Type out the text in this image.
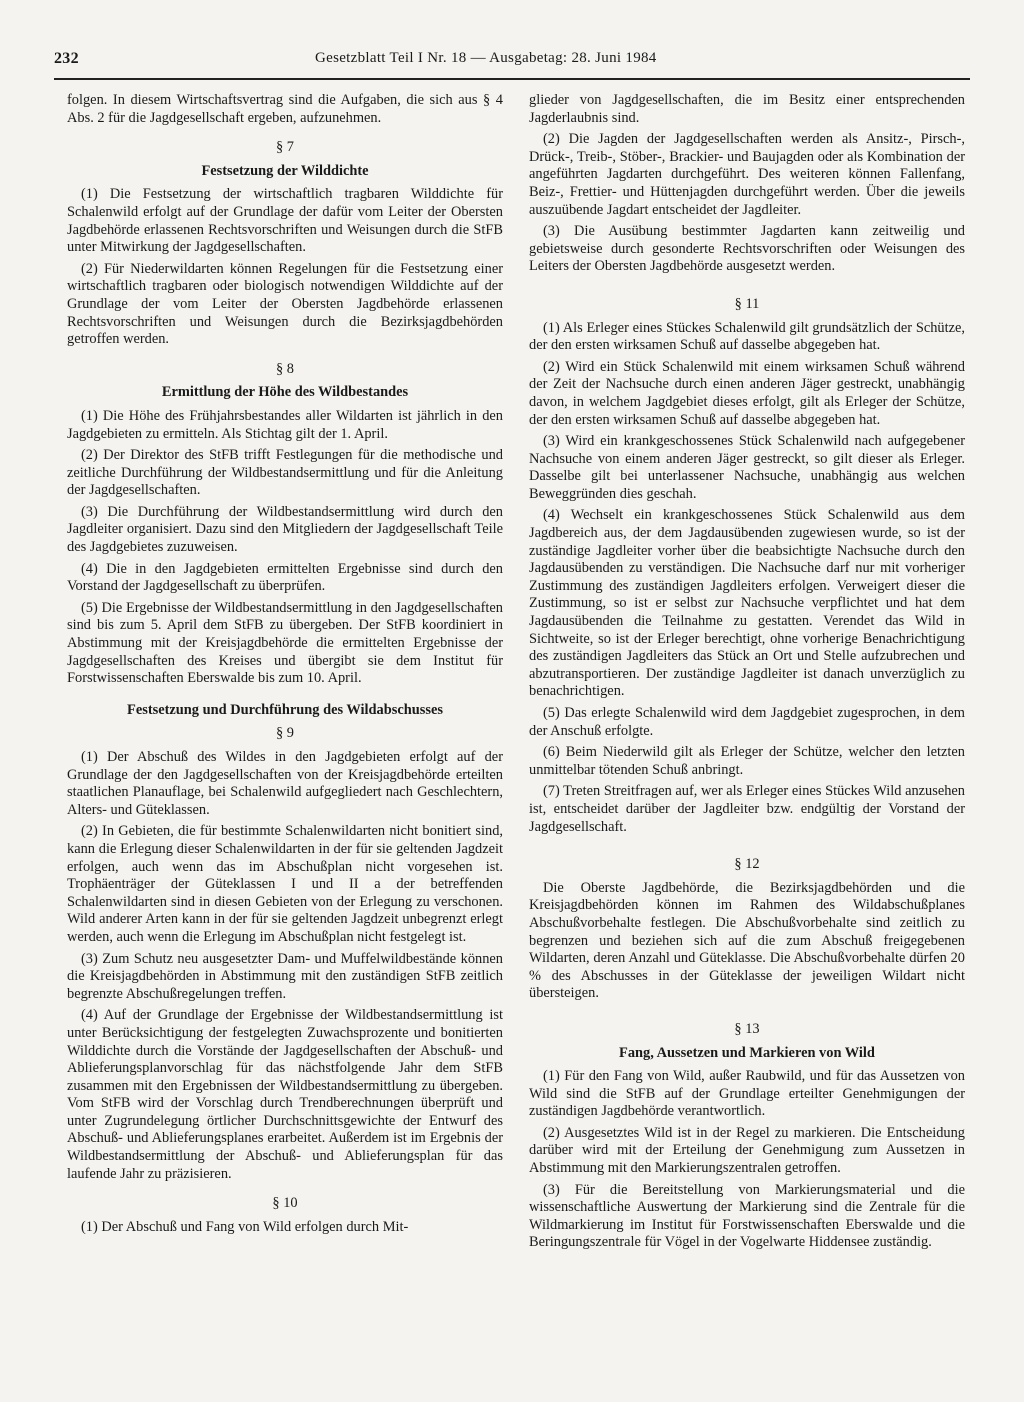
232	Gesetzblatt Teil I Nr. 18 — Ausgabetag: 28. Juni 1984

folgen. In diesem Wirtschaftsvertrag sind die Aufgaben, die sich aus § 4 Abs. 2 für die Jagdgesellschaft ergeben, aufzunehmen.

§ 7
Festsetzung der Wilddichte

(1) Die Festsetzung der wirtschaftlich tragbaren Wilddichte für Schalenwild erfolgt auf der Grundlage der dafür vom Leiter der Obersten Jagdbehörde erlassenen Rechtsvorschriften und Weisungen durch die StFB unter Mitwirkung der Jagdgesellschaften.

(2) Für Niederwildarten können Regelungen für die Festsetzung einer wirtschaftlich tragbaren oder biologisch notwendigen Wilddichte auf der Grundlage der vom Leiter der Obersten Jagdbehörde erlassenen Rechtsvorschriften und Weisungen durch die Bezirksjagdbehörden getroffen werden.

§ 8
Ermittlung der Höhe des Wildbestandes

(1) Die Höhe des Frühjahrsbestandes aller Wildarten ist jährlich in den Jagdgebieten zu ermitteln. Als Stichtag gilt der 1. April.

(2) Der Direktor des StFB trifft Festlegungen für die methodische und zeitliche Durchführung der Wildbestandsermittlung und für die Anleitung der Jagdgesellschaften.

(3) Die Durchführung der Wildbestandsermittlung wird durch den Jagdleiter organisiert. Dazu sind den Mitgliedern der Jagdgesellschaft Teile des Jagdgebietes zuzuweisen.

(4) Die in den Jagdgebieten ermittelten Ergebnisse sind durch den Vorstand der Jagdgesellschaft zu überprüfen.

(5) Die Ergebnisse der Wildbestandsermittlung in den Jagdgesellschaften sind bis zum 5. April dem StFB zu übergeben. Der StFB koordiniert in Abstimmung mit der Kreisjagdbehörde die ermittelten Ergebnisse der Jagdgesellschaften des Kreises und übergibt sie dem Institut für Forstwissenschaften Eberswalde bis zum 10. April.

Festsetzung und Durchführung des Wildabschusses
§ 9

(1) Der Abschuß des Wildes in den Jagdgebieten erfolgt auf der Grundlage der den Jagdgesellschaften von der Kreisjagdbehörde erteilten staatlichen Planauflage, bei Schalenwild aufgegliedert nach Geschlechtern, Alters- und Güteklassen.

(2) In Gebieten, die für bestimmte Schalenwildarten nicht bonitiert sind, kann die Erlegung dieser Schalenwildarten in der für sie geltenden Jagdzeit erfolgen, auch wenn das im Abschußplan nicht vorgesehen ist. Trophäenträger der Güteklassen I und II a der betreffenden Schalenwildarten sind in diesen Gebieten von der Erlegung zu verschonen. Wild anderer Arten kann in der für sie geltenden Jagdzeit unbegrenzt erlegt werden, auch wenn die Erlegung im Abschußplan nicht festgelegt ist.

(3) Zum Schutz neu ausgesetzter Dam- und Muffelwildbestände können die Kreisjagdbehörden in Abstimmung mit den zuständigen StFB zeitlich begrenzte Abschußregelungen treffen.

(4) Auf der Grundlage der Ergebnisse der Wildbestandsermittlung ist unter Berücksichtigung der festgelegten Zuwachsprozente und bonitierten Wilddichte durch die Vorstände der Jagdgesellschaften der Abschuß- und Ablieferungsplanvorschlag für das nächstfolgende Jahr dem StFB zusammen mit den Ergebnissen der Wildbestandsermittlung zu übergeben. Vom StFB wird der Vorschlag durch Trendberechnungen überprüft und unter Zugrundelegung örtlicher Durchschnittsgewichte der Entwurf des Abschuß- und Ablieferungsplanes erarbeitet. Außerdem ist im Ergebnis der Wildbestandsermittlung der Abschuß- und Ablieferungsplan für das laufende Jahr zu präzisieren.

§ 10

(1) Der Abschuß und Fang von Wild erfolgen durch Mit-

glieder von Jagdgesellschaften, die im Besitz einer entsprechenden Jagderlaubnis sind.

(2) Die Jagden der Jagdgesellschaften werden als Ansitz-, Pirsch-, Drück-, Treib-, Stöber-, Brackier- und Baujagden oder als Kombination der angeführten Jagdarten durchgeführt. Des weiteren können Fallenfang, Beiz-, Frettier- und Hüttenjagden durchgeführt werden. Über die jeweils auszuübende Jagdart entscheidet der Jagdleiter.

(3) Die Ausübung bestimmter Jagdarten kann zeitweilig und gebietsweise durch gesonderte Rechtsvorschriften oder Weisungen des Leiters der Obersten Jagdbehörde ausgesetzt werden.

§ 11

(1) Als Erleger eines Stückes Schalenwild gilt grundsätzlich der Schütze, der den ersten wirksamen Schuß auf dasselbe abgegeben hat.

(2) Wird ein Stück Schalenwild mit einem wirksamen Schuß während der Zeit der Nachsuche durch einen anderen Jäger gestreckt, unabhängig davon, in welchem Jagdgebiet dieses erfolgt, gilt als Erleger der Schütze, der den ersten wirksamen Schuß auf dasselbe abgegeben hat.

(3) Wird ein krankgeschossenes Stück Schalenwild nach aufgegebener Nachsuche von einem anderen Jäger gestreckt, so gilt dieser als Erleger. Dasselbe gilt bei unterlassener Nachsuche, unabhängig aus welchen Beweggründen dies geschah.

(4) Wechselt ein krankgeschossenes Stück Schalenwild aus dem Jagdbereich aus, der dem Jagdausübenden zugewiesen wurde, so ist der zuständige Jagdleiter vorher über die beabsichtigte Nachsuche durch den Jagdausübenden zu verständigen. Die Nachsuche darf nur mit vorheriger Zustimmung des zuständigen Jagdleiters erfolgen. Verweigert dieser die Zustimmung, so ist er selbst zur Nachsuche verpflichtet und hat dem Jagdausübenden die Teilnahme zu gestatten. Verendet das Wild in Sichtweite, so ist der Erleger berechtigt, ohne vorherige Benachrichtigung des zuständigen Jagdleiters das Stück an Ort und Stelle aufzubrechen und abzutransportieren. Der zuständige Jagdleiter ist danach unverzüglich zu benachrichtigen.

(5) Das erlegte Schalenwild wird dem Jagdgebiet zugesprochen, in dem der Anschuß erfolgte.

(6) Beim Niederwild gilt als Erleger der Schütze, welcher den letzten unmittelbar tötenden Schuß anbringt.

(7) Treten Streitfragen auf, wer als Erleger eines Stückes Wild anzusehen ist, entscheidet darüber der Jagdleiter bzw. endgültig der Vorstand der Jagdgesellschaft.

§ 12

Die Oberste Jagdbehörde, die Bezirksjagdbehörden und die Kreisjagdbehörden können im Rahmen des Wildabschußplanes Abschußvorbehalte festlegen. Die Abschußvorbehalte sind zeitlich zu begrenzen und beziehen sich auf die zum Abschuß freigegebenen Wildarten, deren Anzahl und Güteklasse. Die Abschußvorbehalte dürfen 20 % des Abschusses in der Güteklasse der jeweiligen Wildart nicht übersteigen.

§ 13
Fang, Aussetzen und Markieren von Wild

(1) Für den Fang von Wild, außer Raubwild, und für das Aussetzen von Wild sind die StFB auf der Grundlage erteilter Genehmigungen der zuständigen Jagdbehörde verantwortlich.

(2) Ausgesetztes Wild ist in der Regel zu markieren. Die Entscheidung darüber wird mit der Erteilung der Genehmigung zum Aussetzen in Abstimmung mit den Markierungszentralen getroffen.

(3) Für die Bereitstellung von Markierungsmaterial und die wissenschaftliche Auswertung der Markierung sind die Zentrale für die Wildmarkierung im Institut für Forstwissenschaften Eberswalde und die Beringungszentrale für Vögel in der Vogelwarte Hiddensee zuständig.
